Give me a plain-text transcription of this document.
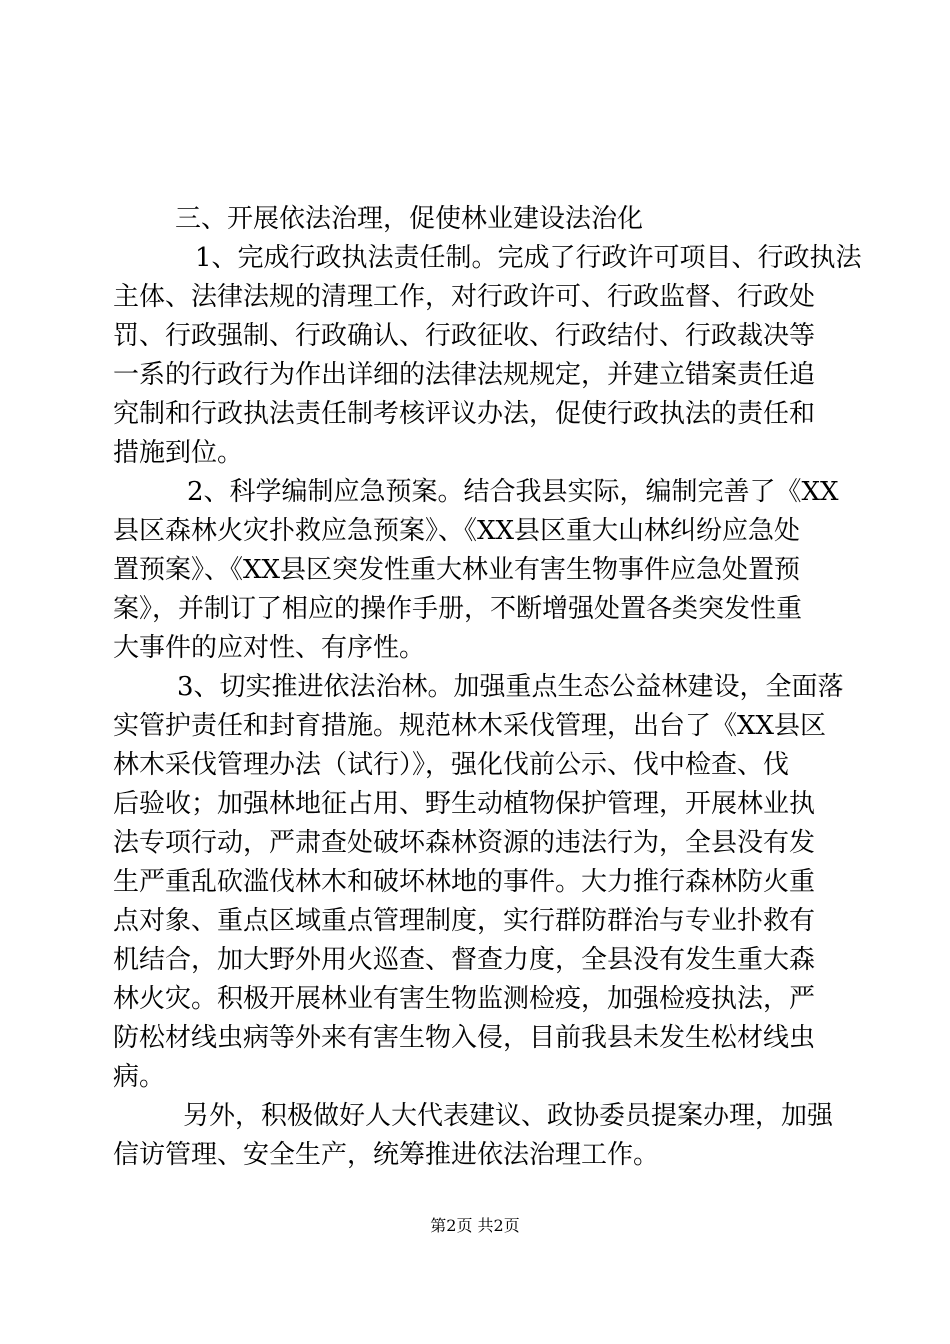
三、开展依法治理，促使林业建设法治化
1、完成行政执法责任制。完成了行政许可项目、行政执法
主体、法律法规的清理工作，对行政许可、行政监督、行政处
罚、行政强制、行政确认、行政征收、行政结付、行政裁决等
一系的行政行为作出详细的法律法规规定，并建立错案责任追
究制和行政执法责任制考核评议办法，促使行政执法的责任和
措施到位。
2、科学编制应急预案。结合我县实际，编制完善了《XX
县区森林火灾扑救应急预案》、《XX县区重大山林纠纷应急处
置预案》、《XX县区突发性重大林业有害生物事件应急处置预
案》，并制订了相应的操作手册，不断增强处置各类突发性重
大事件的应对性、有序性。
3、切实推进依法治林。加强重点生态公益林建设，全面落
实管护责任和封育措施。规范林木采伐管理，出台了《XX县区
林木采伐管理办法（试行）》，强化伐前公示、伐中检查、伐
后验收；加强林地征占用、野生动植物保护管理，开展林业执
法专项行动，严肃查处破坏森林资源的违法行为，全县没有发
生严重乱砍滥伐林木和破坏林地的事件。大力推行森林防火重
点对象、重点区域重点管理制度，实行群防群治与专业扑救有
机结合，加大野外用火巡查、督查力度，全县没有发生重大森
林火灾。积极开展林业有害生物监测检疫，加强检疫执法，严
防松材线虫病等外来有害生物入侵，目前我县未发生松材线虫
病。
另外，积极做好人大代表建议、政协委员提案办理，加强
信访管理、安全生产，统筹推进依法治理工作。
第2页 共2页
